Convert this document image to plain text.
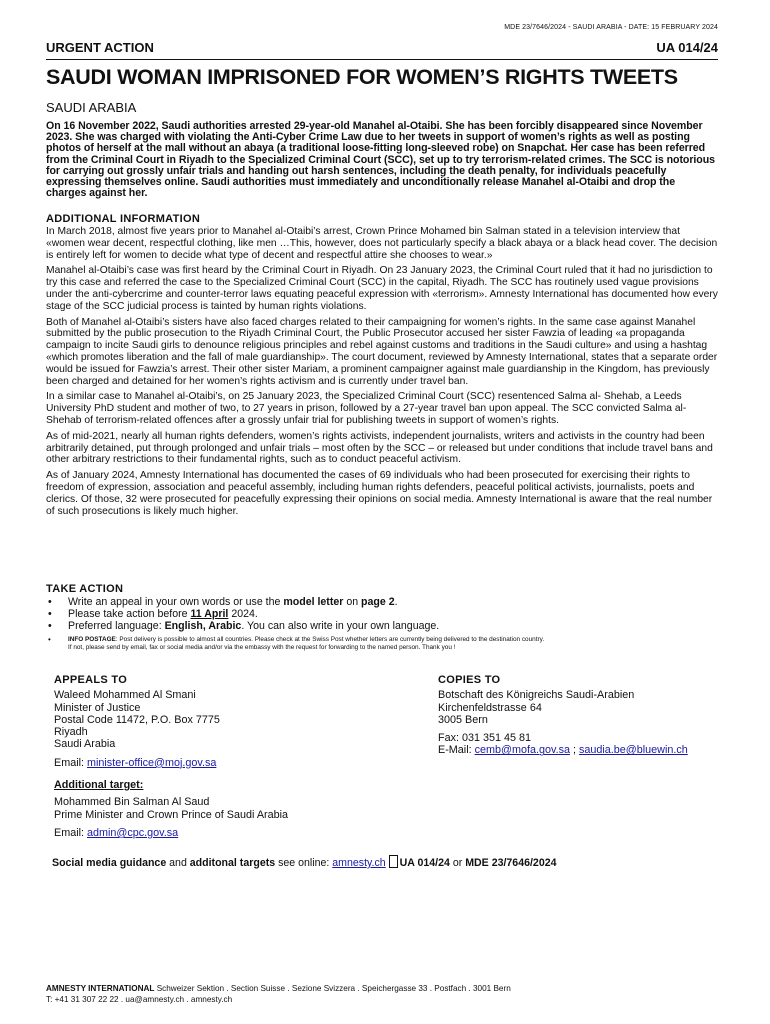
MDE 23/7646/2024 - SAUDI ARABIA - DATE: 15 FEBRUARY 2024
URGENT ACTION	UA 014/24
SAUDI WOMAN IMPRISONED FOR WOMEN’S RIGHTS TWEETS
SAUDI ARABIA
On 16 November 2022, Saudi authorities arrested 29-year-old Manahel al-Otaibi. She has been forcibly disappeared since November 2023. She was charged with violating the Anti-Cyber Crime Law due to her tweets in support of women’s rights as well as posting photos of herself at the mall without an abaya (a traditional loose-fitting long-sleeved robe) on Snapchat. Her case has been referred from the Criminal Court in Riyadh to the Specialized Criminal Court (SCC), set up to try terrorism-related crimes. The SCC is notorious for carrying out grossly unfair trials and handing out harsh sentences, including the death penalty, for individuals peacefully expressing themselves online. Saudi authorities must immediately and unconditionally release Manahel al-Otaibi and drop the charges against her.
ADDITIONAL INFORMATION

In March 2018, almost five years prior to Manahel al-Otaibi’s arrest, Crown Prince Mohamed bin Salman stated in a television interview that «women wear decent, respectful clothing, like men …This, however, does not particularly specify a black abaya or a black head cover. The decision is entirely left for women to decide what type of decent and respectful attire she chooses to wear.»

Manahel al-Otaibi’s case was first heard by the Criminal Court in Riyadh. On 23 January 2023, the Criminal Court ruled that it had no jurisdiction to try this case and referred the case to the Specialized Criminal Court (SCC) in the capital, Riyadh. The SCC has routinely used vague provisions under the anti-cybercrime and counter-terror laws equating peaceful expression with «terrorism». Amnesty International has documented how every stage of the SCC judicial process is tainted by human rights violations.

Both of Manahel al-Otaibi’s sisters have also faced charges related to their campaigning for women’s rights. In the same case against Manahel submitted by the public prosecution to the Riyadh Criminal Court, the Public Prosecutor accused her sister Fawzia of leading «a propaganda campaign to incite Saudi girls to denounce religious principles and rebel against customs and traditions in the Saudi culture» and using a hashtag «which promotes liberation and the fall of male guardianship». The court document, reviewed by Amnesty International, states that a separate order would be issued for Fawzia’s arrest. Their other sister Mariam, a prominent campaigner against male guardianship in the Kingdom, has previously been charged and detained for her women’s rights activism and is currently under travel ban.

In a similar case to Manahel al-Otaibi’s, on 25 January 2023, the Specialized Criminal Court (SCC) resentenced Salma al- Shehab, a Leeds University PhD student and mother of two, to 27 years in prison, followed by a 27-year travel ban upon appeal. The SCC convicted Salma al-Shehab of terrorism-related offences after a grossly unfair trial for publishing tweets in support of women’s rights.

As of mid-2021, nearly all human rights defenders, women’s rights activists, independent journalists, writers and activists in the country had been arbitrarily detained, put through prolonged and unfair trials – most often by the SCC – or released but under conditions that include travel bans and other arbitrary restrictions to their fundamental rights, such as to conduct peaceful activism.

As of January 2024, Amnesty International has documented the cases of 69 individuals who had been prosecuted for exercising their rights to freedom of expression, association and peaceful assembly, including human rights defenders, peaceful political activists, journalists, poets and clerics. Of those, 32 were prosecuted for peacefully expressing their opinions on social media. Amnesty International is aware that the real number of such prosecutions is likely much higher.

TAKE ACTION
• Write an appeal in your own words or use the model letter on page 2.
• Please take action before 11 April 2024.
• Preferred language: English, Arabic. You can also write in your own language.
•	INFO POSTAGE: Post delivery is possible to almost all countries. Please check at the Swiss Post whether letters are currently being delivered to the destination country.
If not, please send by email, fax or social media and/or via the embassy with the request for forwarding to the named person. Thank you !
APPEALS TO
Waleed Mohammed Al Smani
Minister of Justice
Postal Code 11472, P.O. Box 7775
Riyadh
Saudi Arabia
Email: minister-office@moj.gov.sa
COPIES TO
Botschaft des Königreichs Saudi-Arabien
Kirchenfeldstrasse 64
3005 Bern
Fax: 031 351 45 81
E-Mail: cemb@mofa.gov.sa ; saudia.be@bluewin.ch
Additional target:
Mohammed Bin Salman Al Saud
Prime Minister and Crown Prince of Saudi Arabia
Email: admin@cpc.gov.sa
Social media guidance and additonal targets see online: amnesty.ch UA 014/24 or MDE 23/7646/2024
AMNESTY INTERNATIONAL Schweizer Sektion . Section Suisse . Sezione Svizzera . Speichergasse 33 . Postfach . 3001 Bern
T: +41 31 307 22 22 . ua@amnesty.ch . amnesty.ch
